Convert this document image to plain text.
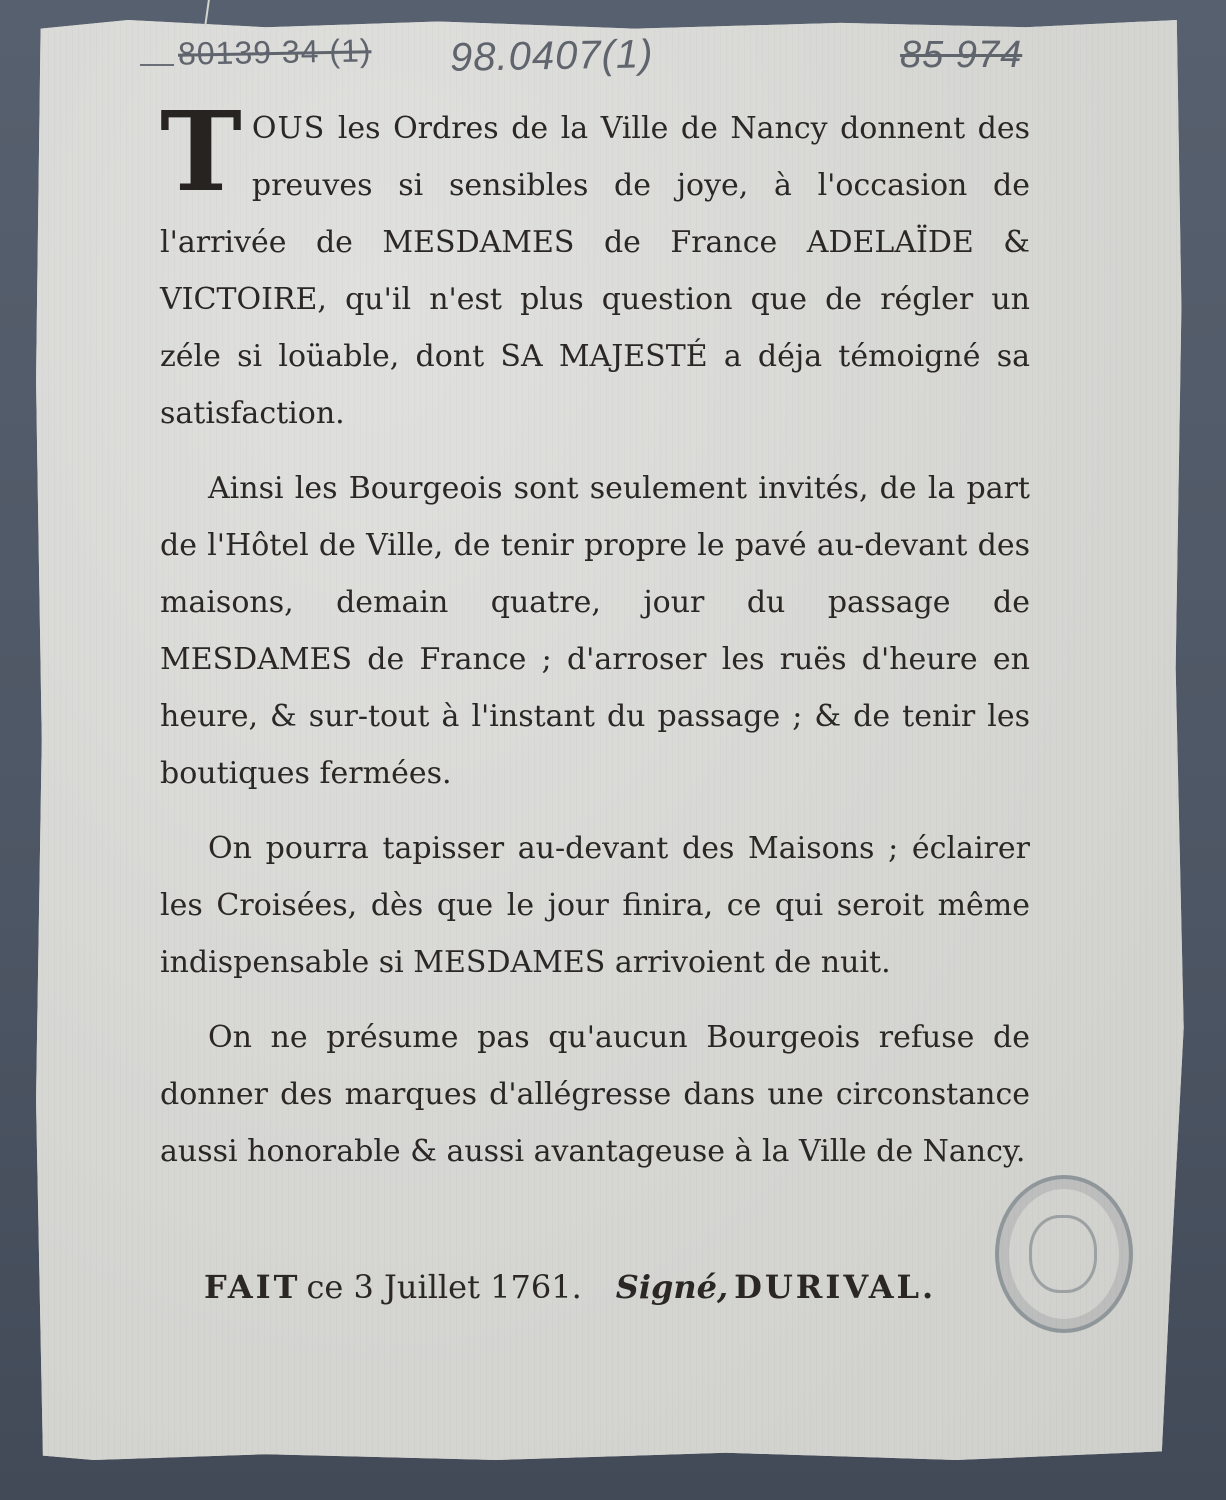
80139 34 (1) 98.0407(1)	85 974

TOUS les Ordres de la Ville de Nancy donnent des preuves si sensibles de joye, à l'occasion de l'arrivée de MESDAMES de France ADELAÏDE & VICTOIRE, qu'il n'est plus question que de régler un zéle si loüable, dont SA MAJESTÉ a déja témoigné sa satisfaction.

Ainsi les Bourgeois sont seulement invités, de la part de l'Hôtel de Ville, de tenir propre le pavé au-devant des maisons, demain quatre, jour du passage de MESDAMES de France ; d'arroser les ruës d'heure en heure, & sur-tout à l'instant du passage ; & de tenir les boutiques fermées.

On pourra tapisser au-devant des Maisons ; éclairer les Croisées, dès que le jour finira, ce qui seroit même indispensable si MESDAMES arrivoient de nuit.

On ne présume pas qu'aucun Bourgeois refuse de donner des marques d'allégresse dans une circonstance aussi honorable & aussi avantageuse à la Ville de Nancy.

FAIT ce 3 Juillet 1761. Signé, DURIVAL.
